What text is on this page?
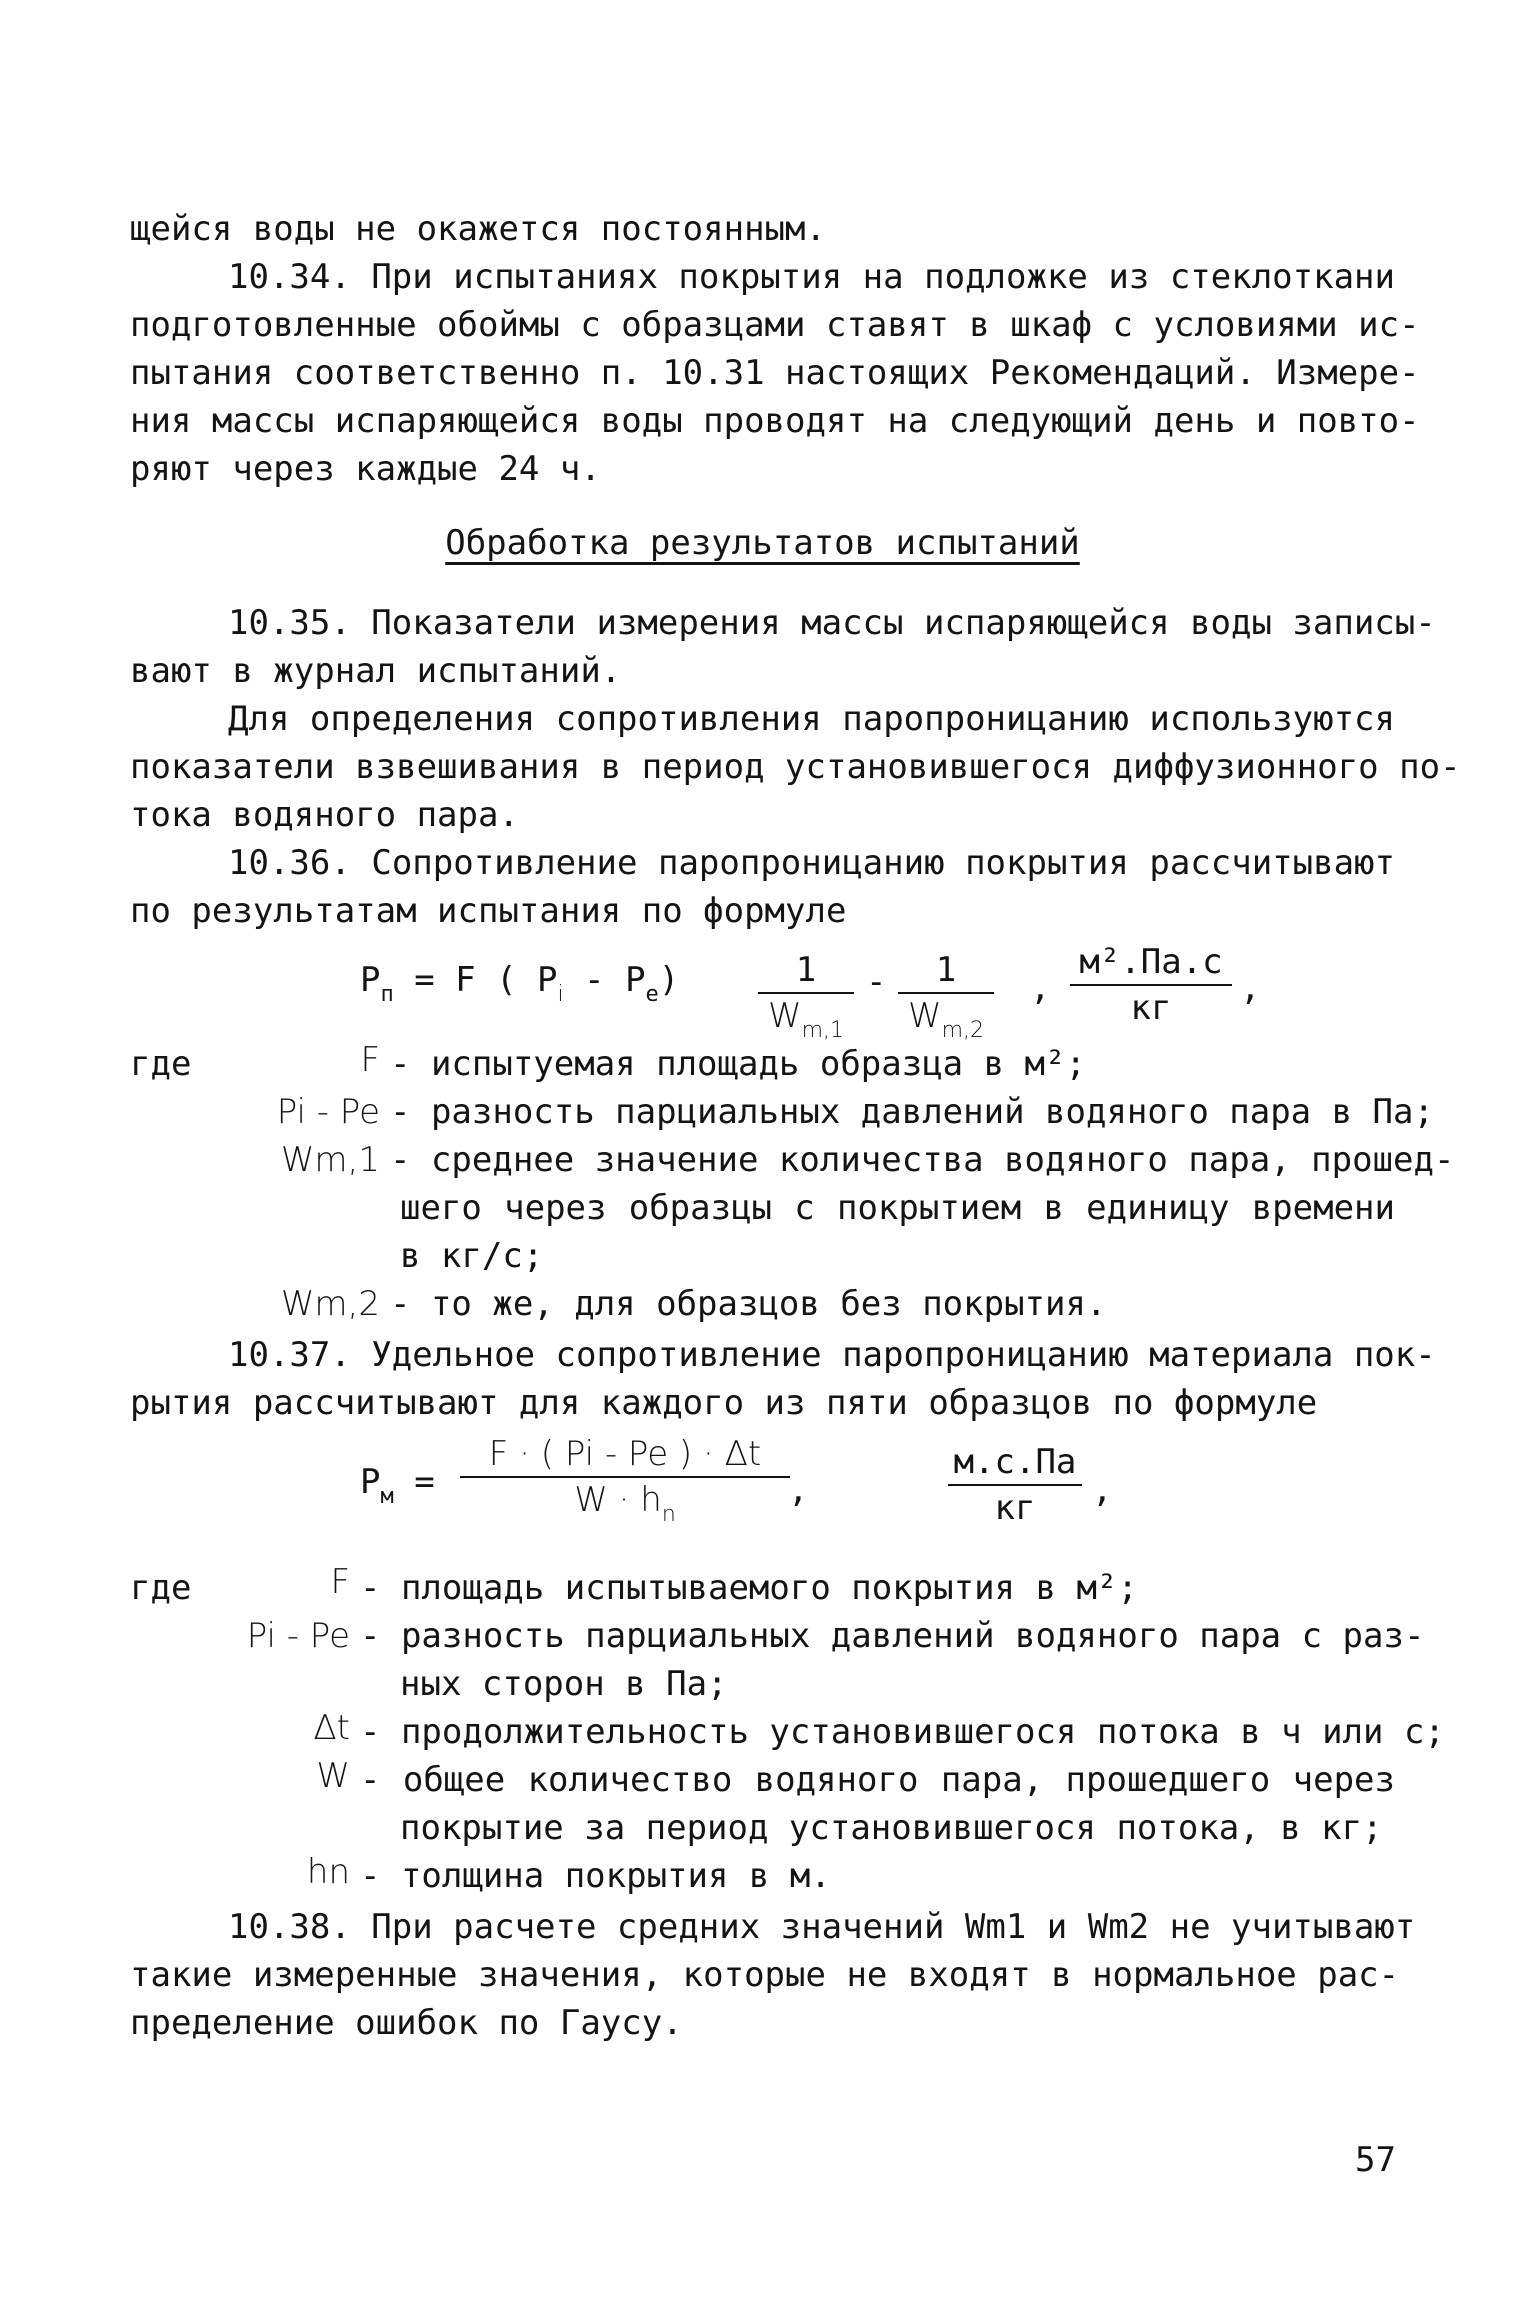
щейся воды не окажется постоянным.
10.34. При испытаниях покрытия на подложке из стеклоткани
подготовленные обоймы с образцами ставят в шкаф с условиями ис-
пытания соответственно п. 10.31 настоящих Рекомендаций. Измере-
ния массы испаряющейся воды проводят на следующий день и повто-
ряют через каждые 24 ч.
Обработка результатов испытаний
10.35. Показатели измерения массы испаряющейся воды записы-
вают в журнал испытаний.
Для определения сопротивления паропроницанию используются
показатели взвешивания в период установившегося диффузионного по-
тока водяного пара.
10.36. Сопротивление паропроницанию покрытия рассчитывают
по результатам испытания по формуле
$P_п = F$ ( $P_i - P_e) \frac{1}{W_{m,1}} - \frac{1}{W_{m,2}}$ ,
м².Па.с
кг	,
где	F - испытуемая площадь образца в м²;
Pi - Pe - разность парциальных давлений водяного пара в Па;
Wm,1 - среднее значение количества водяного пара, прошед-
шего через образцы с покрытием в единицу времени
в кг/с;
Wm,2 - то же, для образцов без покрытия.
10.37. Удельное сопротивление паропроницанию материала пок-
рытия рассчитывают для каждого из пяти образцов по формуле
$P_м = \frac{F \cdot ( Pi - Pe ) \cdot \Delta t}{W \cdot h_n}$
,
м.с.Па
кг	,
где	F - площадь испытываемого покрытия в м²;
Pi - Pe - разность парциальных давлений водяного пара с раз-
ных сторон в Па;
Δt - продолжительность установившегося потока в ч или с;
W - общее количество водяного пара, прошедшего через
покрытие за период установившегося потока, в кг;
hn - толщина покрытия в м.
10.38. При расчете средних значений Wm1 и Wm2 не учитывают
такие измеренные значения, которые не входят в нормальное рас-
пределение ошибок по Гаусу.
57
